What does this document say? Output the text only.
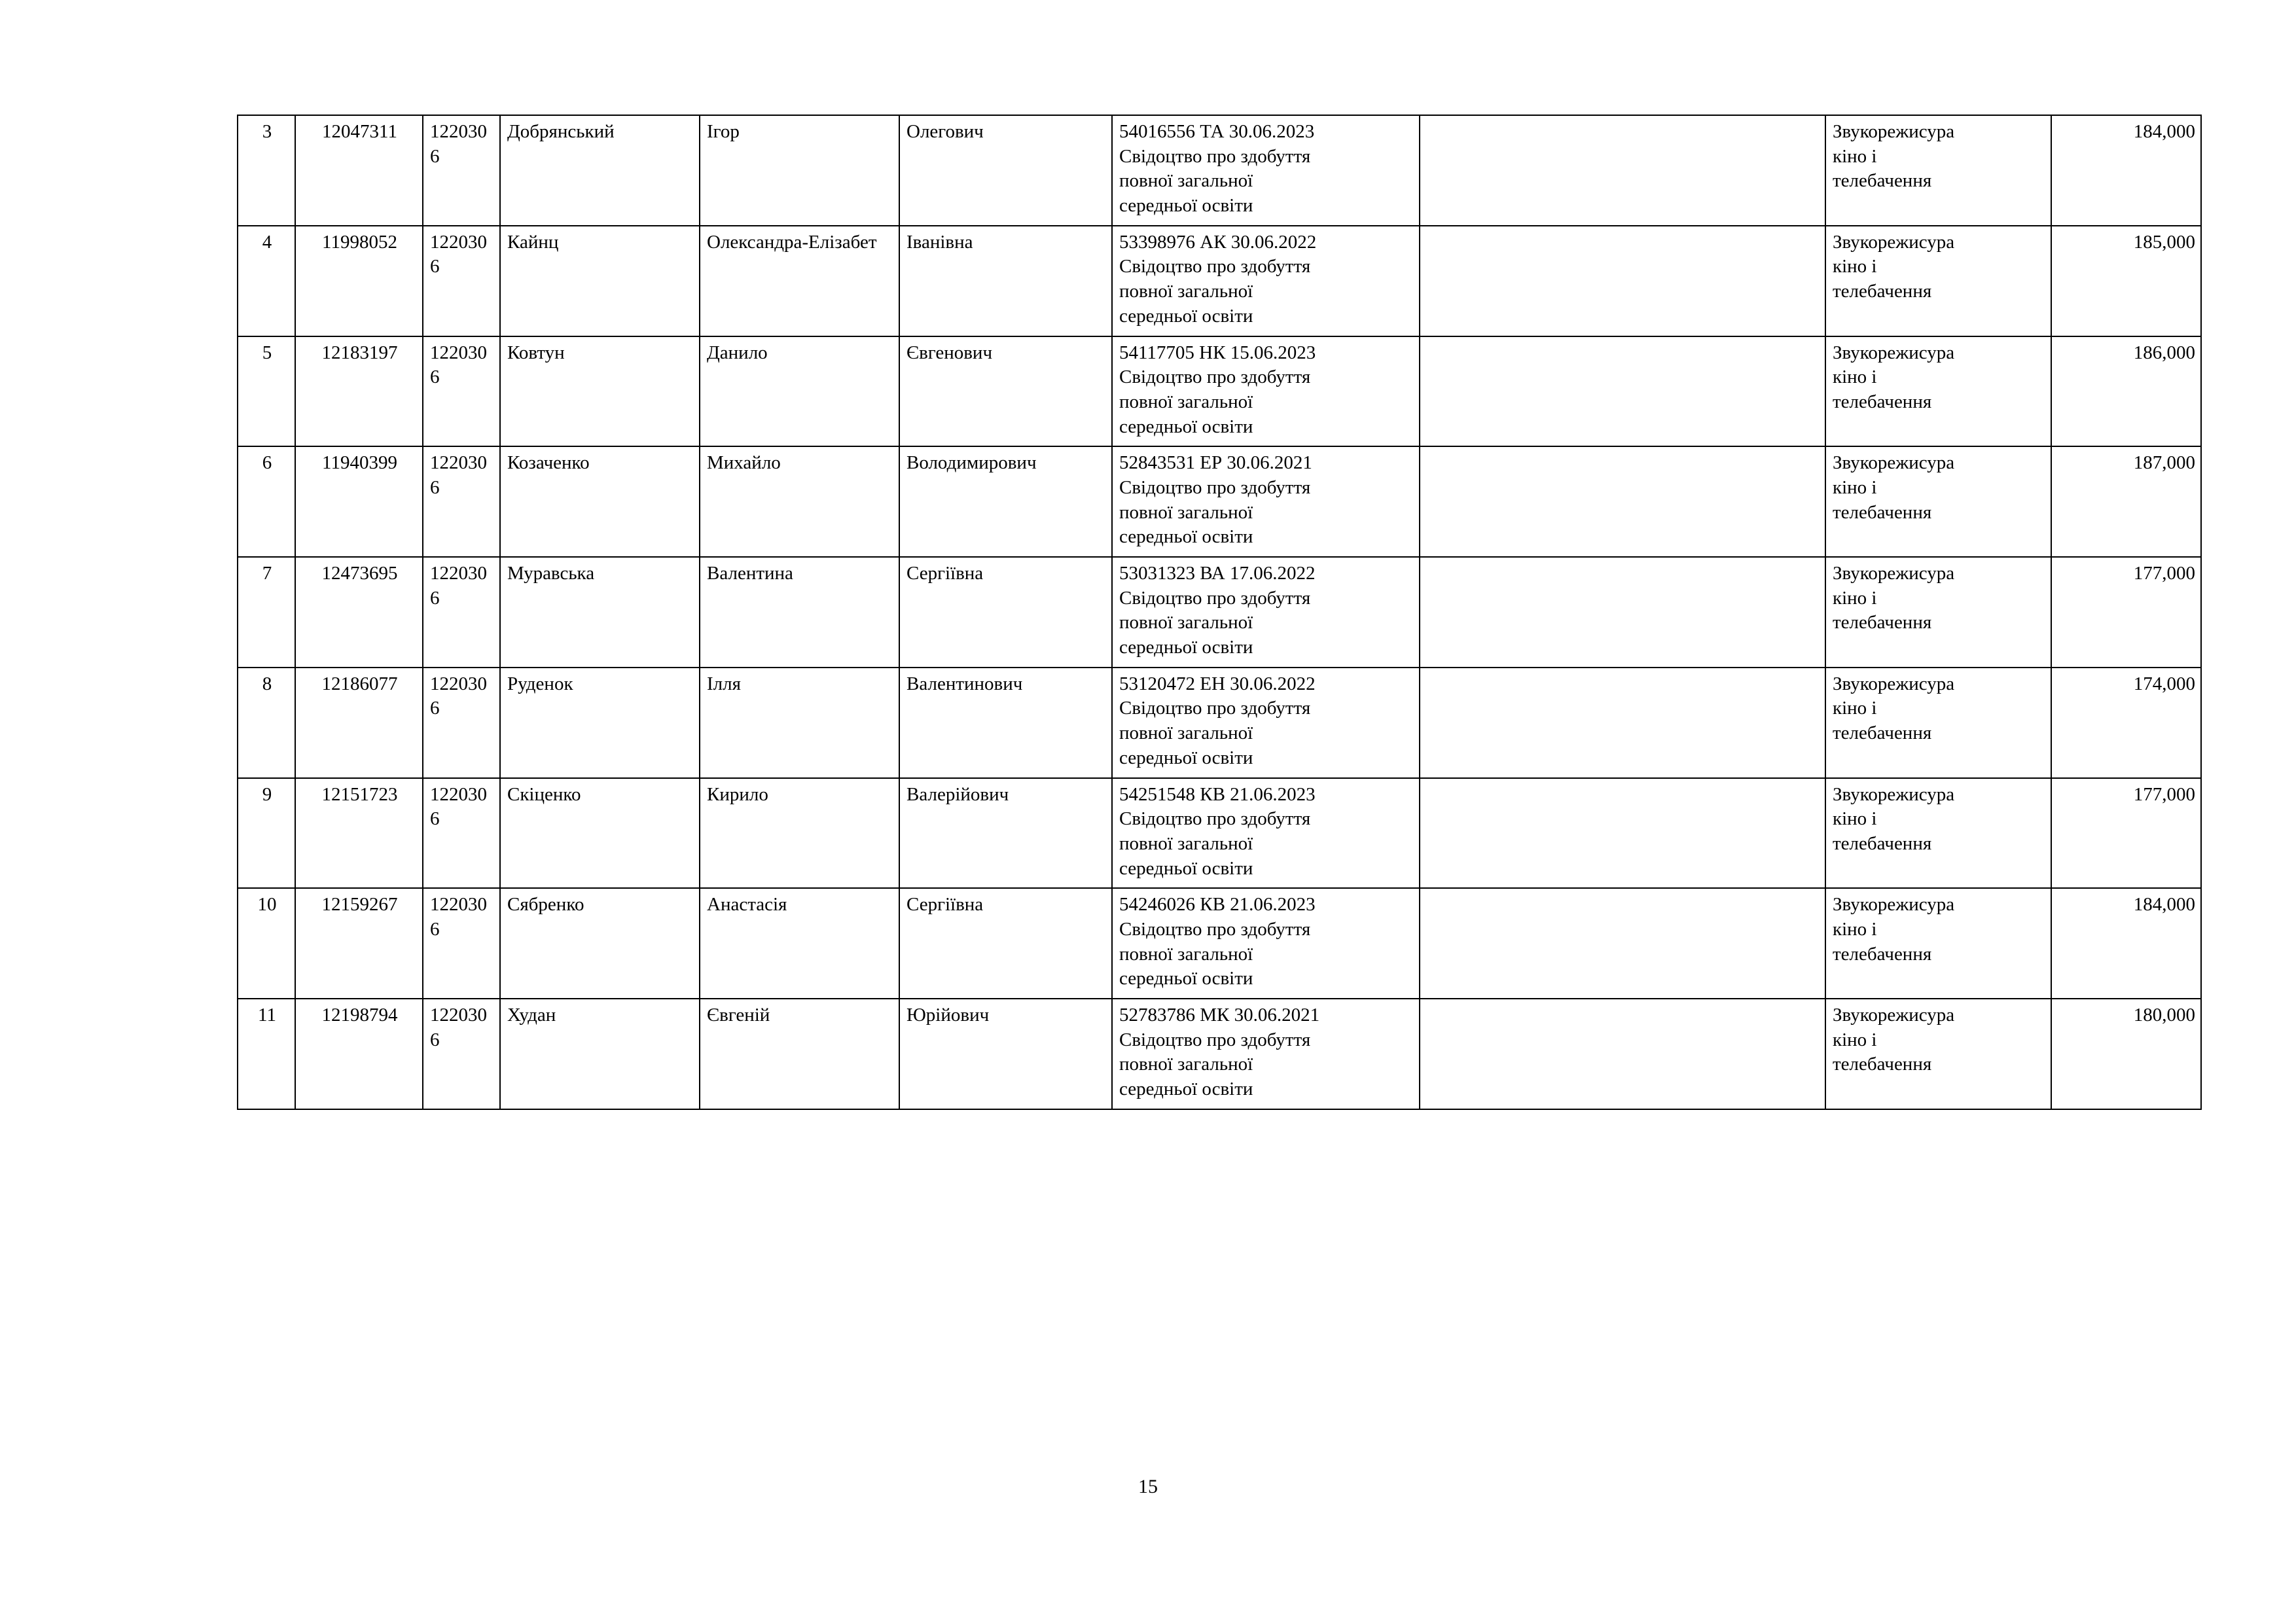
3	12047311	1220306	Добрянський	Ігор	Олегович	54016556 ТА 30.06.2023
Свідоцтво про здобуття
повної загальної
середньої освіти		Звукорежисура
кіно і
телебачення	184,000
4	11998052	1220306	Кайнц	Олександра-Елізабет	Іванівна	53398976 АК 30.06.2022
Свідоцтво про здобуття
повної загальної
середньої освіти		Звукорежисура
кіно і
телебачення	185,000
5	12183197	1220306	Ковтун	Данило	Євгенович	54117705 НК 15.06.2023
Свідоцтво про здобуття
повної загальної
середньої освіти		Звукорежисура
кіно і
телебачення	186,000
6	11940399	1220306	Козаченко	Михайло	Володимирович	52843531 ЕР 30.06.2021
Свідоцтво про здобуття
повної загальної
середньої освіти		Звукорежисура
кіно і
телебачення	187,000
7	12473695	1220306	Муравська	Валентина	Сергіївна	53031323 ВА 17.06.2022
Свідоцтво про здобуття
повної загальної
середньої освіти		Звукорежисура
кіно і
телебачення	177,000
8	12186077	1220306	Руденок	Ілля	Валентинович	53120472 ЕН 30.06.2022
Свідоцтво про здобуття
повної загальної
середньої освіти		Звукорежисура
кіно і
телебачення	174,000
9	12151723	1220306	Скіценко	Кирило	Валерійович	54251548 КВ 21.06.2023
Свідоцтво про здобуття
повної загальної
середньої освіти		Звукорежисура
кіно і
телебачення	177,000
10	12159267	1220306	Сябренко	Анастасія	Сергіївна	54246026 КВ 21.06.2023
Свідоцтво про здобуття
повної загальної
середньої освіти		Звукорежисура
кіно і
телебачення	184,000
11	12198794	1220306	Худан	Євгеній	Юрійович	52783786 МК 30.06.2021
Свідоцтво про здобуття
повної загальної
середньої освіти		Звукорежисура
кіно і
телебачення	180,000
15
